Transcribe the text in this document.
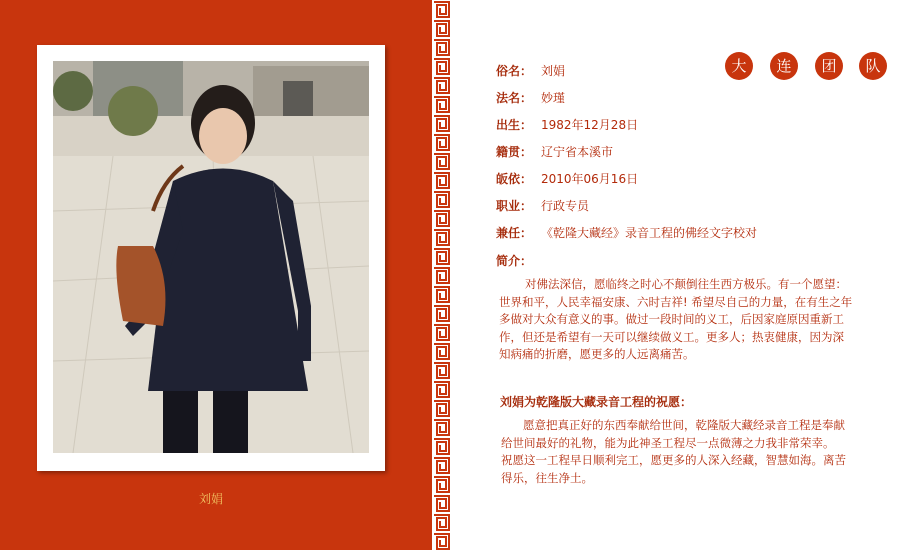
刘娟
大	连	团	队
俗名： 刘娟
法名： 妙瑾
出生： 1982年12月28日
籍贯： 辽宁省本溪市
皈依： 2010年06月16日
职业： 行政专员
兼任： 《乾隆大藏经》录音工程的佛经文字校对
简介：
对佛法深信，愿临终之时心不颠倒往生西方极乐。有一个愿望：
世界和平，人民幸福安康、六时吉祥! 希望尽自己的力量，在有生之年
多做对大众有意义的事。做过一段时间的义工，后因家庭原因重新工
作，但还是希望有一天可以继续做义工。更多人；热衷健康，因为深
知病痛的折磨，愿更多的人远离痛苦。
刘娟为乾隆版大藏录音工程的祝愿：
愿意把真正好的东西奉献给世间，乾隆版大藏经录音工程是奉献
给世间最好的礼物，能为此神圣工程尽一点微薄之力我非常荣幸。
祝愿这一工程早日顺利完工，愿更多的人深入经藏，智慧如海。离苦
得乐，往生净土。
